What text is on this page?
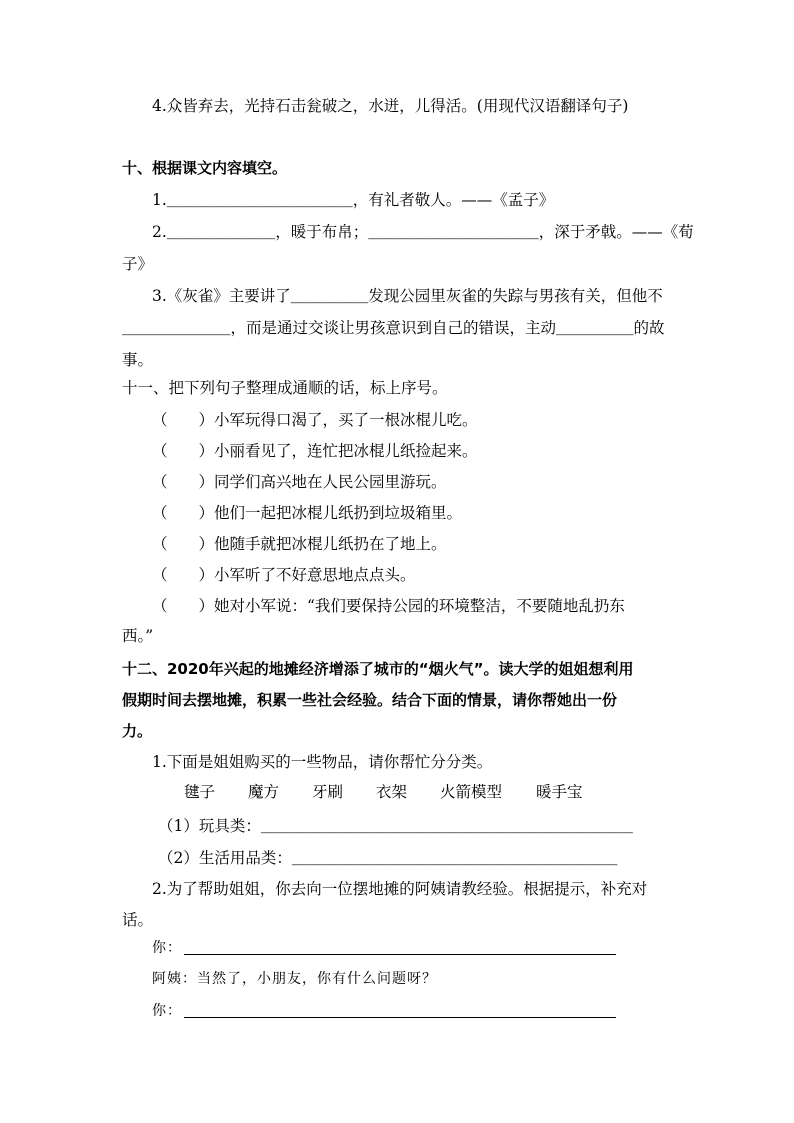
4.众皆弃去，光持石击瓮破之，水迸，儿得活。(用现代汉语翻译句子)
十、根据课文内容填空。
1.＿＿＿＿＿＿＿＿＿＿＿＿，有礼者敬人。——《孟子》
2.＿＿＿＿＿＿＿，暖于布帛；＿＿＿＿＿＿＿＿＿＿＿，深于矛戟。——《荀
子》
3.《灰雀》主要讲了＿＿＿＿＿发现公园里灰雀的失踪与男孩有关，但他不
＿＿＿＿＿＿＿，而是通过交谈让男孩意识到自己的错误，主动＿＿＿＿＿的故
事。
十一、把下列句子整理成通顺的话，标上序号。
（　　）小军玩得口渴了，买了一根冰棍儿吃。
（　　）小丽看见了，连忙把冰棍儿纸捡起来。
（　　）同学们高兴地在人民公园里游玩。
（　　）他们一起把冰棍儿纸扔到垃圾箱里。
（　　）他随手就把冰棍儿纸扔在了地上。
（　　）小军听了不好意思地点点头。
（　　）她对小军说：“我们要保持公园的环境整洁，不要随地乱扔东
西。”
十二、2020年兴起的地摊经济增添了城市的“烟火气”。读大学的姐姐想利用
假期时间去摆地摊，积累一些社会经验。结合下面的情景，请你帮她出一份
力。
1.下面是姐姐购买的一些物品，请你帮忙分分类。
毽子 魔方 牙刷 衣架 火箭模型 暖手宝
（1）玩具类：＿＿＿＿＿＿＿＿＿＿＿＿＿＿＿＿＿＿＿＿＿＿＿＿
（2）生活用品类：＿＿＿＿＿＿＿＿＿＿＿＿＿＿＿＿＿＿＿＿＿
2.为了帮助姐姐，你去向一位摆地摊的阿姨请教经验。根据提示，补充对
话。
你：
阿姨：当然了，小朋友，你有什么问题呀？
你：
